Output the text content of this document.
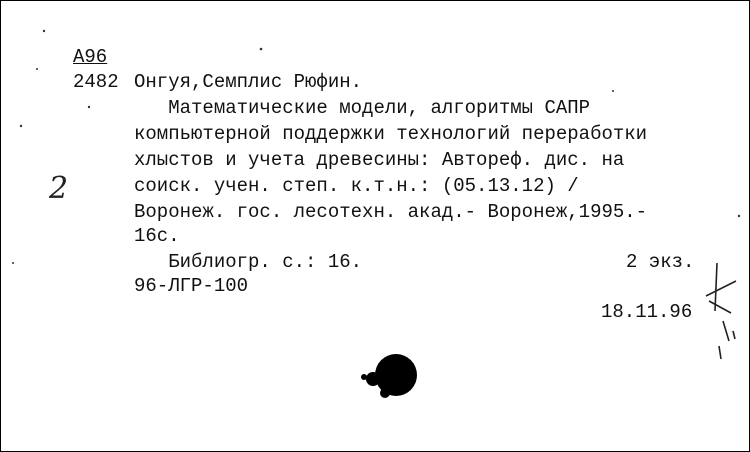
A96
2482 Онгуя,Семплис Рюфин.
Математические модели, алгоритмы САПР
компьютерной поддержки технологий переработки
хлыстов и учета древесины: Автореф. дис. на
соиск. учен. степ. к.т.н.: (05.13.12) /
Воронеж. гос. лесотехн. акад.- Воронеж,1995.-
16с.
Библиогр. с.: 16.	2 экз.
96-ЛГР-100
18.11.96
2
